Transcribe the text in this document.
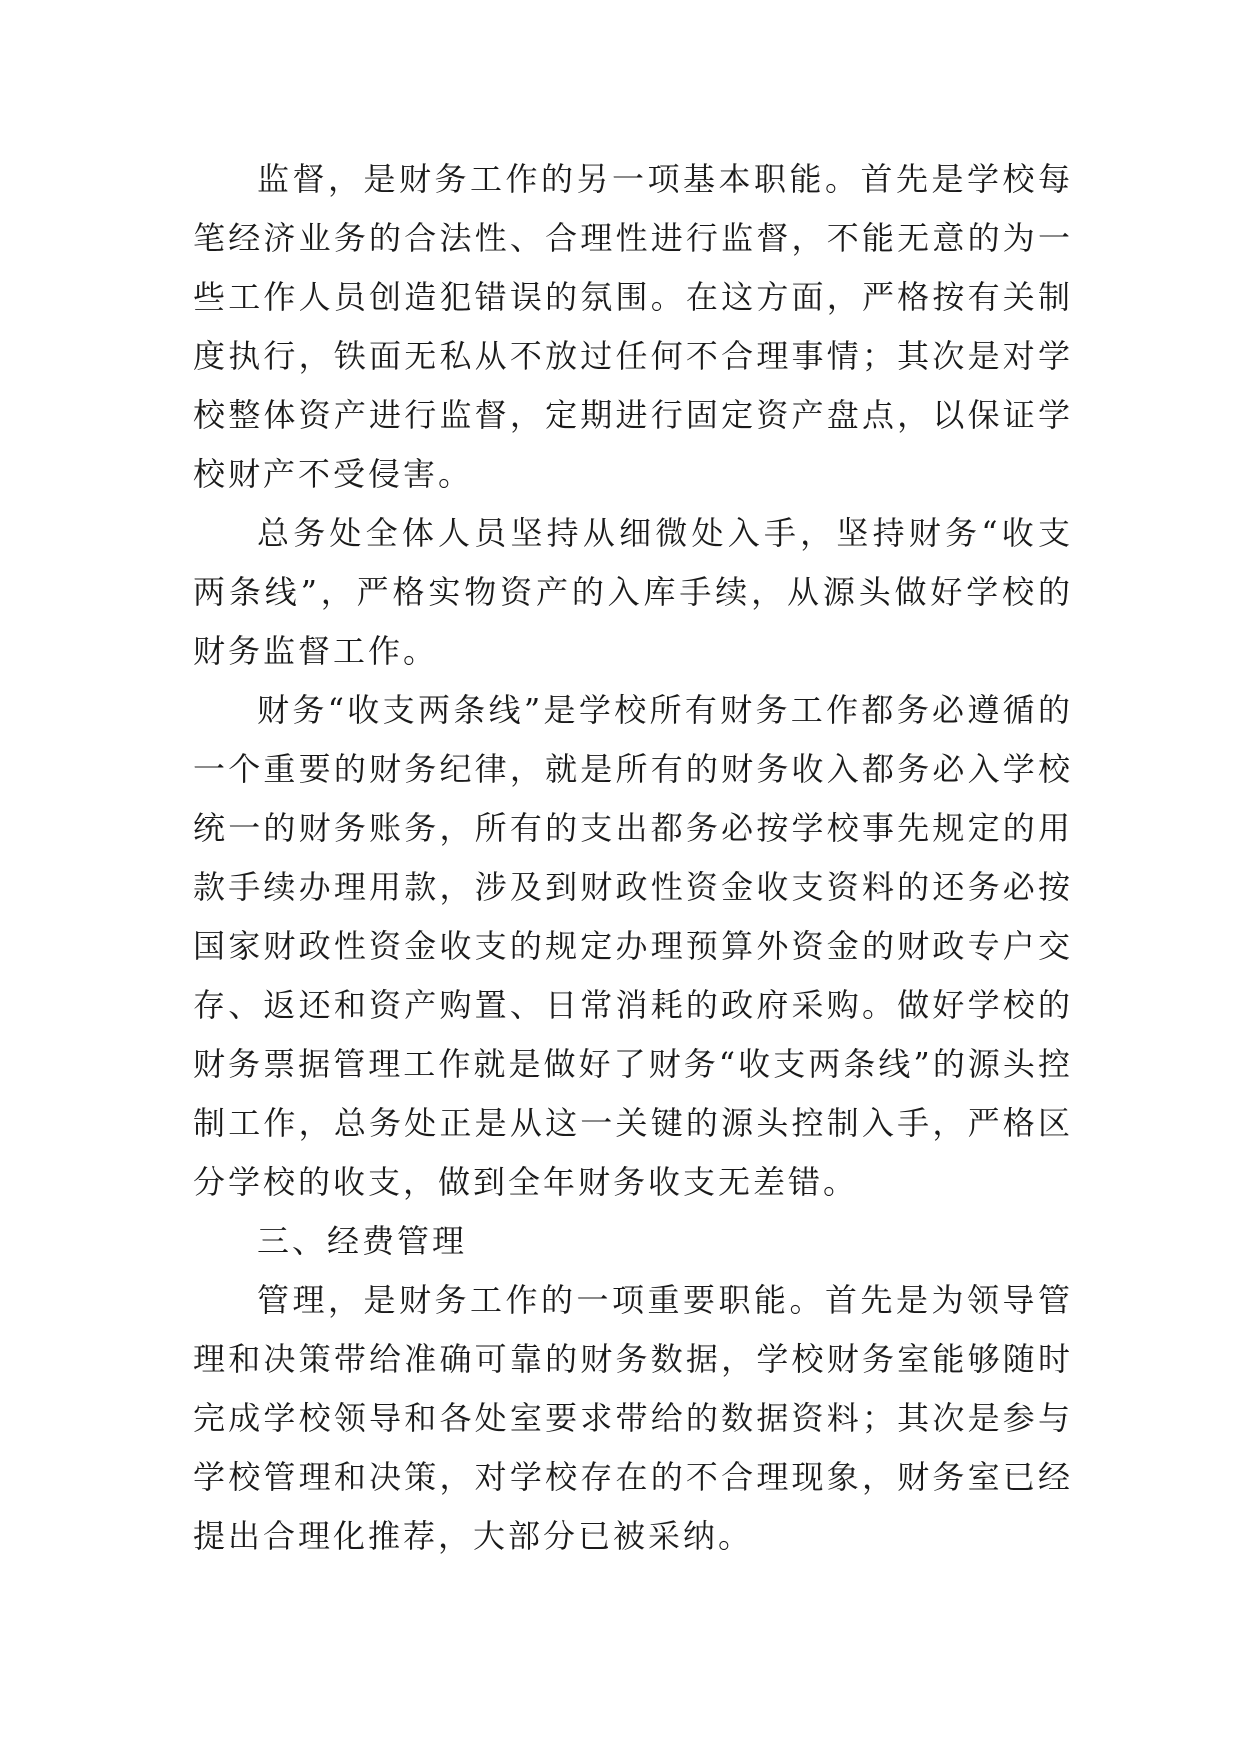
监督，是财务工作的另一项基本职能。首先是学校每笔经济业务的合法性、合理性进行监督，不能无意的为一些工作人员创造犯错误的氛围。在这方面，严格按有关制度执行，铁面无私从不放过任何不合理事情；其次是对学校整体资产进行监督，定期进行固定资产盘点，以保证学校财产不受侵害。

总务处全体人员坚持从细微处入手，坚持财务“收支两条线”，严格实物资产的入库手续，从源头做好学校的财务监督工作。

财务“收支两条线”是学校所有财务工作都务必遵循的一个重要的财务纪律，就是所有的财务收入都务必入学校统一的财务账务，所有的支出都务必按学校事先规定的用款手续办理用款，涉及到财政性资金收支资料的还务必按国家财政性资金收支的规定办理预算外资金的财政专户交存、返还和资产购置、日常消耗的政府采购。做好学校的财务票据管理工作就是做好了财务“收支两条线”的源头控制工作，总务处正是从这一关键的源头控制入手，严格区分学校的收支，做到全年财务收支无差错。

三、经费管理

管理，是财务工作的一项重要职能。首先是为领导管理和决策带给准确可靠的财务数据，学校财务室能够随时完成学校领导和各处室要求带给的数据资料；其次是参与学校管理和决策，对学校存在的不合理现象，财务室已经提出合理化推荐，大部分已被采纳。
